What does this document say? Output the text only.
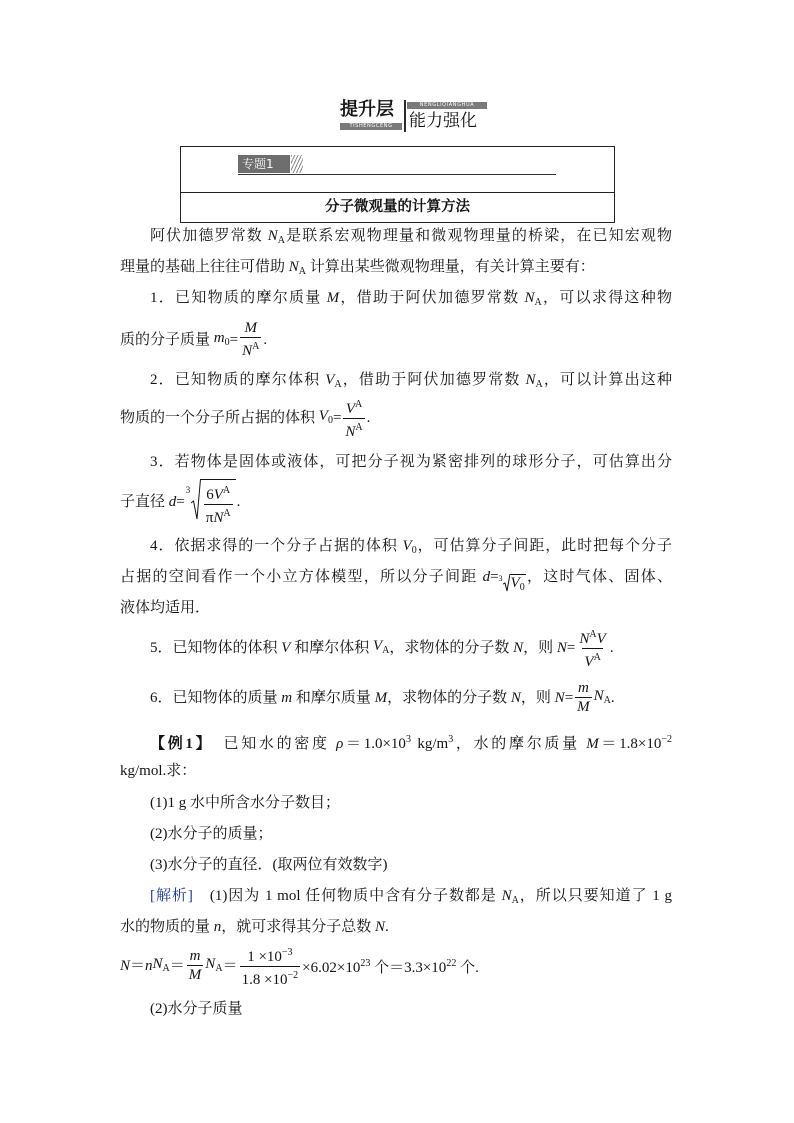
提升层
TISHENGCENG
NENGLIQIANGHUA
能力强化
专题1
分子微观量的计算方法
阿伏加德罗常数 $N_A$是联系宏观物理量和微观物理量的桥梁，在已知宏观物
理量的基础上往往可借助 $N_A$ 计算出某些微观物理量，有关计算主要有：
1．已知物质的摩尔质量 M，借助于阿伏加德罗常数 $N_A$，可以求得这种物
质的分子质量 $m_0 = \frac{M}{N^A}$ .
2．已知物质的摩尔体积 $V_A$，借助于阿伏加德罗常数 $N_A$，可以计算出这种
物质的一个分子所占据的体积 $V_0 = \frac{V^A}{N^A}$ .
3．若物体是固体或液体，可把分子视为紧密排列的球形分子，可估算出分
子直径 d =
$3 \frac{6V^A}{\pi N^A}$ .
4．依据求得的一个分子占据的体积 $V_0$，可估算分子间距，此时把每个分子
占据的空间看作一个小立方体模型，所以分子间距 d= 3 $V_0$，这时气体、固体、
液体均适用．
5．已知物体的体积 V 和摩尔体积 $V_A$ ，求物体的分子数 N ，则 $N = \frac{N^AV}{V^A}$ .
6．已知物体的质量 m 和摩尔质量 M ，求物体的分子数 N ，则 $N = \frac{m}{M} N_A$ .
【例1】　已知水的密度 $\rho=1.0\times 10^3$ $kg/m^3$，水的摩尔质量 $M=1.8\times 10^{-2}$
kg/mol.求：
(1)1 g 水中所含水分子数目；
(2)水分子的质量；
(3)水分子的直径．(取两位有效数字)
[解析]　(1)因为 1 mol 任何物质中含有分子数都是 $N_A$，所以只要知道了 1 g
水的物质的量 n，就可求得其分子总数 N.
N ＝ n $N_A = \frac{m}{M} N_A = \frac{1 \times 10^{-3}}{1.8 \times 10^{-2}} \times 6.02\times 10^{23}$ 个$=3.3\times 10^{22}$ 个.
(2)水分子质量
